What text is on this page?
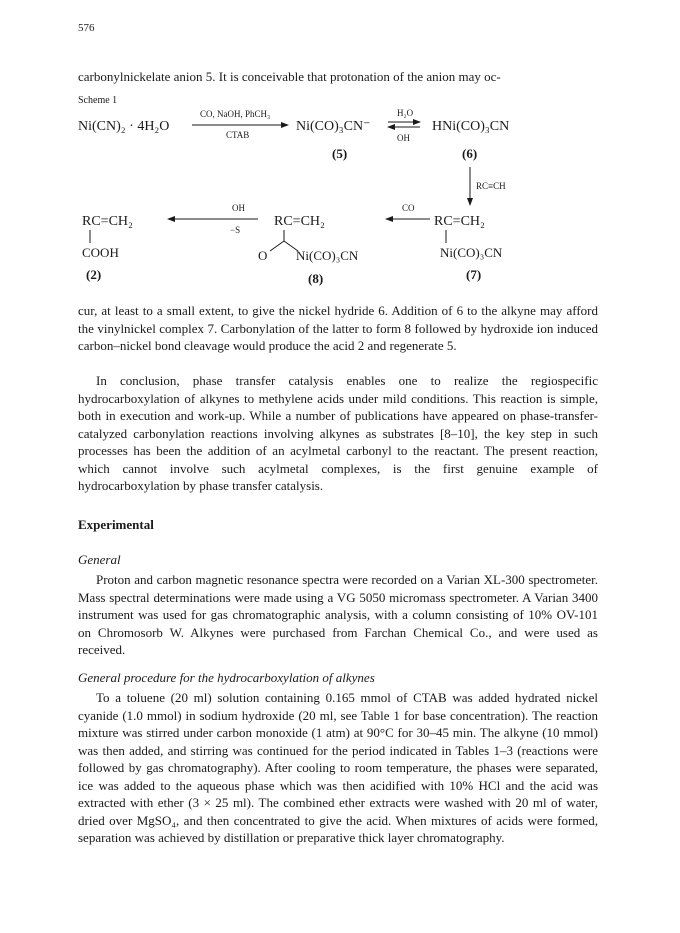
576

carbonylnickelate anion 5. It is conceivable that protonation of the anion may oc-

Scheme 1
Ni(CN)₂ · 4H₂O
CO, NaOH, PhCH₃
CTAB
Ni(CO)₃CN⁻
H₂O
OH
HNi(CO)₃CN
(5)	(6)
RC≡CH
RC=CH₂
COOH
(2)
OH
−S
RC=CH₂
O Ni(CO)₃CN
(8)
CO
RC=CH₂
Ni(CO)₃CN
(7)

cur, at least to a small extent, to give the nickel hydride 6. Addition of 6 to the alkyne may afford the vinylnickel complex 7. Carbonylation of the latter to form 8 followed by hydroxide ion induced carbon–nickel bond cleavage would produce the acid 2 and regenerate 5.

In conclusion, phase transfer catalysis enables one to realize the regiospecific hydrocarboxylation of alkynes to methylene acids under mild conditions. This reaction is simple, both in execution and work-up. While a number of publications have appeared on phase-transfer-catalyzed carbonylation reactions involving alkynes as substrates [8–10], the key step in such processes has been the addition of an acylmetal carbonyl to the reactant. The present reaction, which cannot involve such acylmetal complexes, is the first genuine example of hydrocarboxylation by phase transfer catalysis.

Experimental
General

Proton and carbon magnetic resonance spectra were recorded on a Varian XL-300 spectrometer. Mass spectral determinations were made using a VG 5050 micromass spectrometer. A Varian 3400 instrument was used for gas chromatographic analysis, with a column consisting of 10% OV-101 on Chromosorb W. Alkynes were purchased from Farchan Chemical Co., and were used as received.

General procedure for the hydrocarboxylation of alkynes

To a toluene (20 ml) solution containing 0.165 mmol of CTAB was added hydrated nickel cyanide (1.0 mmol) in sodium hydroxide (20 ml, see Table 1 for base concentration). The reaction mixture was stirred under carbon monoxide (1 atm) at 90°C for 30–45 min. The alkyne (10 mmol) was then added, and stirring was continued for the period indicated in Tables 1–3 (reactions were followed by gas chromatography). After cooling to room temperature, the phases were separated, ice was added to the aqueous phase which was then acidified with 10% HCl and the acid was extracted with ether (3 × 25 ml). The combined ether extracts were washed with 20 ml of water, dried over MgSO₄, and then concentrated to give the acid. When mixtures of acids were formed, separation was achieved by distillation or preparative thick layer chromatography.
